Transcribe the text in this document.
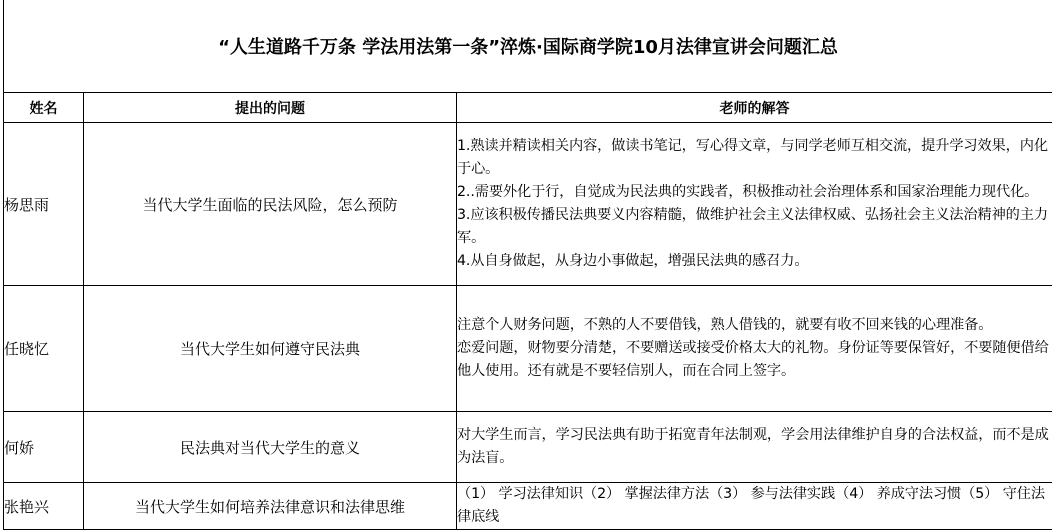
“人生道路千万条 学法用法第一条”淬炼·国际商学院10月法律宣讲会问题汇总
姓名	提出的问题	老师的解答
杨思雨	当代大学生面临的民法风险，怎么预防	1.熟读并精读相关内容，做读书笔记，写心得文章，与同学老师互相交流，提升学习效果，内化于心。
2..需要外化于行，自觉成为民法典的实践者，积极推动社会治理体系和国家治理能力现代化。
3.应该积极传播民法典要义内容精髓，做维护社会主义法律权威、弘扬社会主义法治精神的主力军。
4.从自身做起，从身边小事做起，增强民法典的感召力。

任晓忆	当代大学生如何遵守民法典	注意个人财务问题，不熟的人不要借钱，熟人借钱的，就要有收不回来钱的心理准备。
恋爱问题，财物要分清楚，不要赠送或接受价格太大的礼物。身份证等要保管好，不要随便借给他人使用。还有就是不要轻信别人，而在合同上签字。

何娇	民法典对当代大学生的意义	对大学生而言，学习民法典有助于拓宽青年法制观，学会用法律维护自身的合法权益，而不是成为法盲。

张艳兴	当代大学生如何培养法律意识和法律思维	（1） 学习法律知识（2） 掌握法律方法（3） 参与法律实践（4） 养成守法习惯（5） 守住法律底线
